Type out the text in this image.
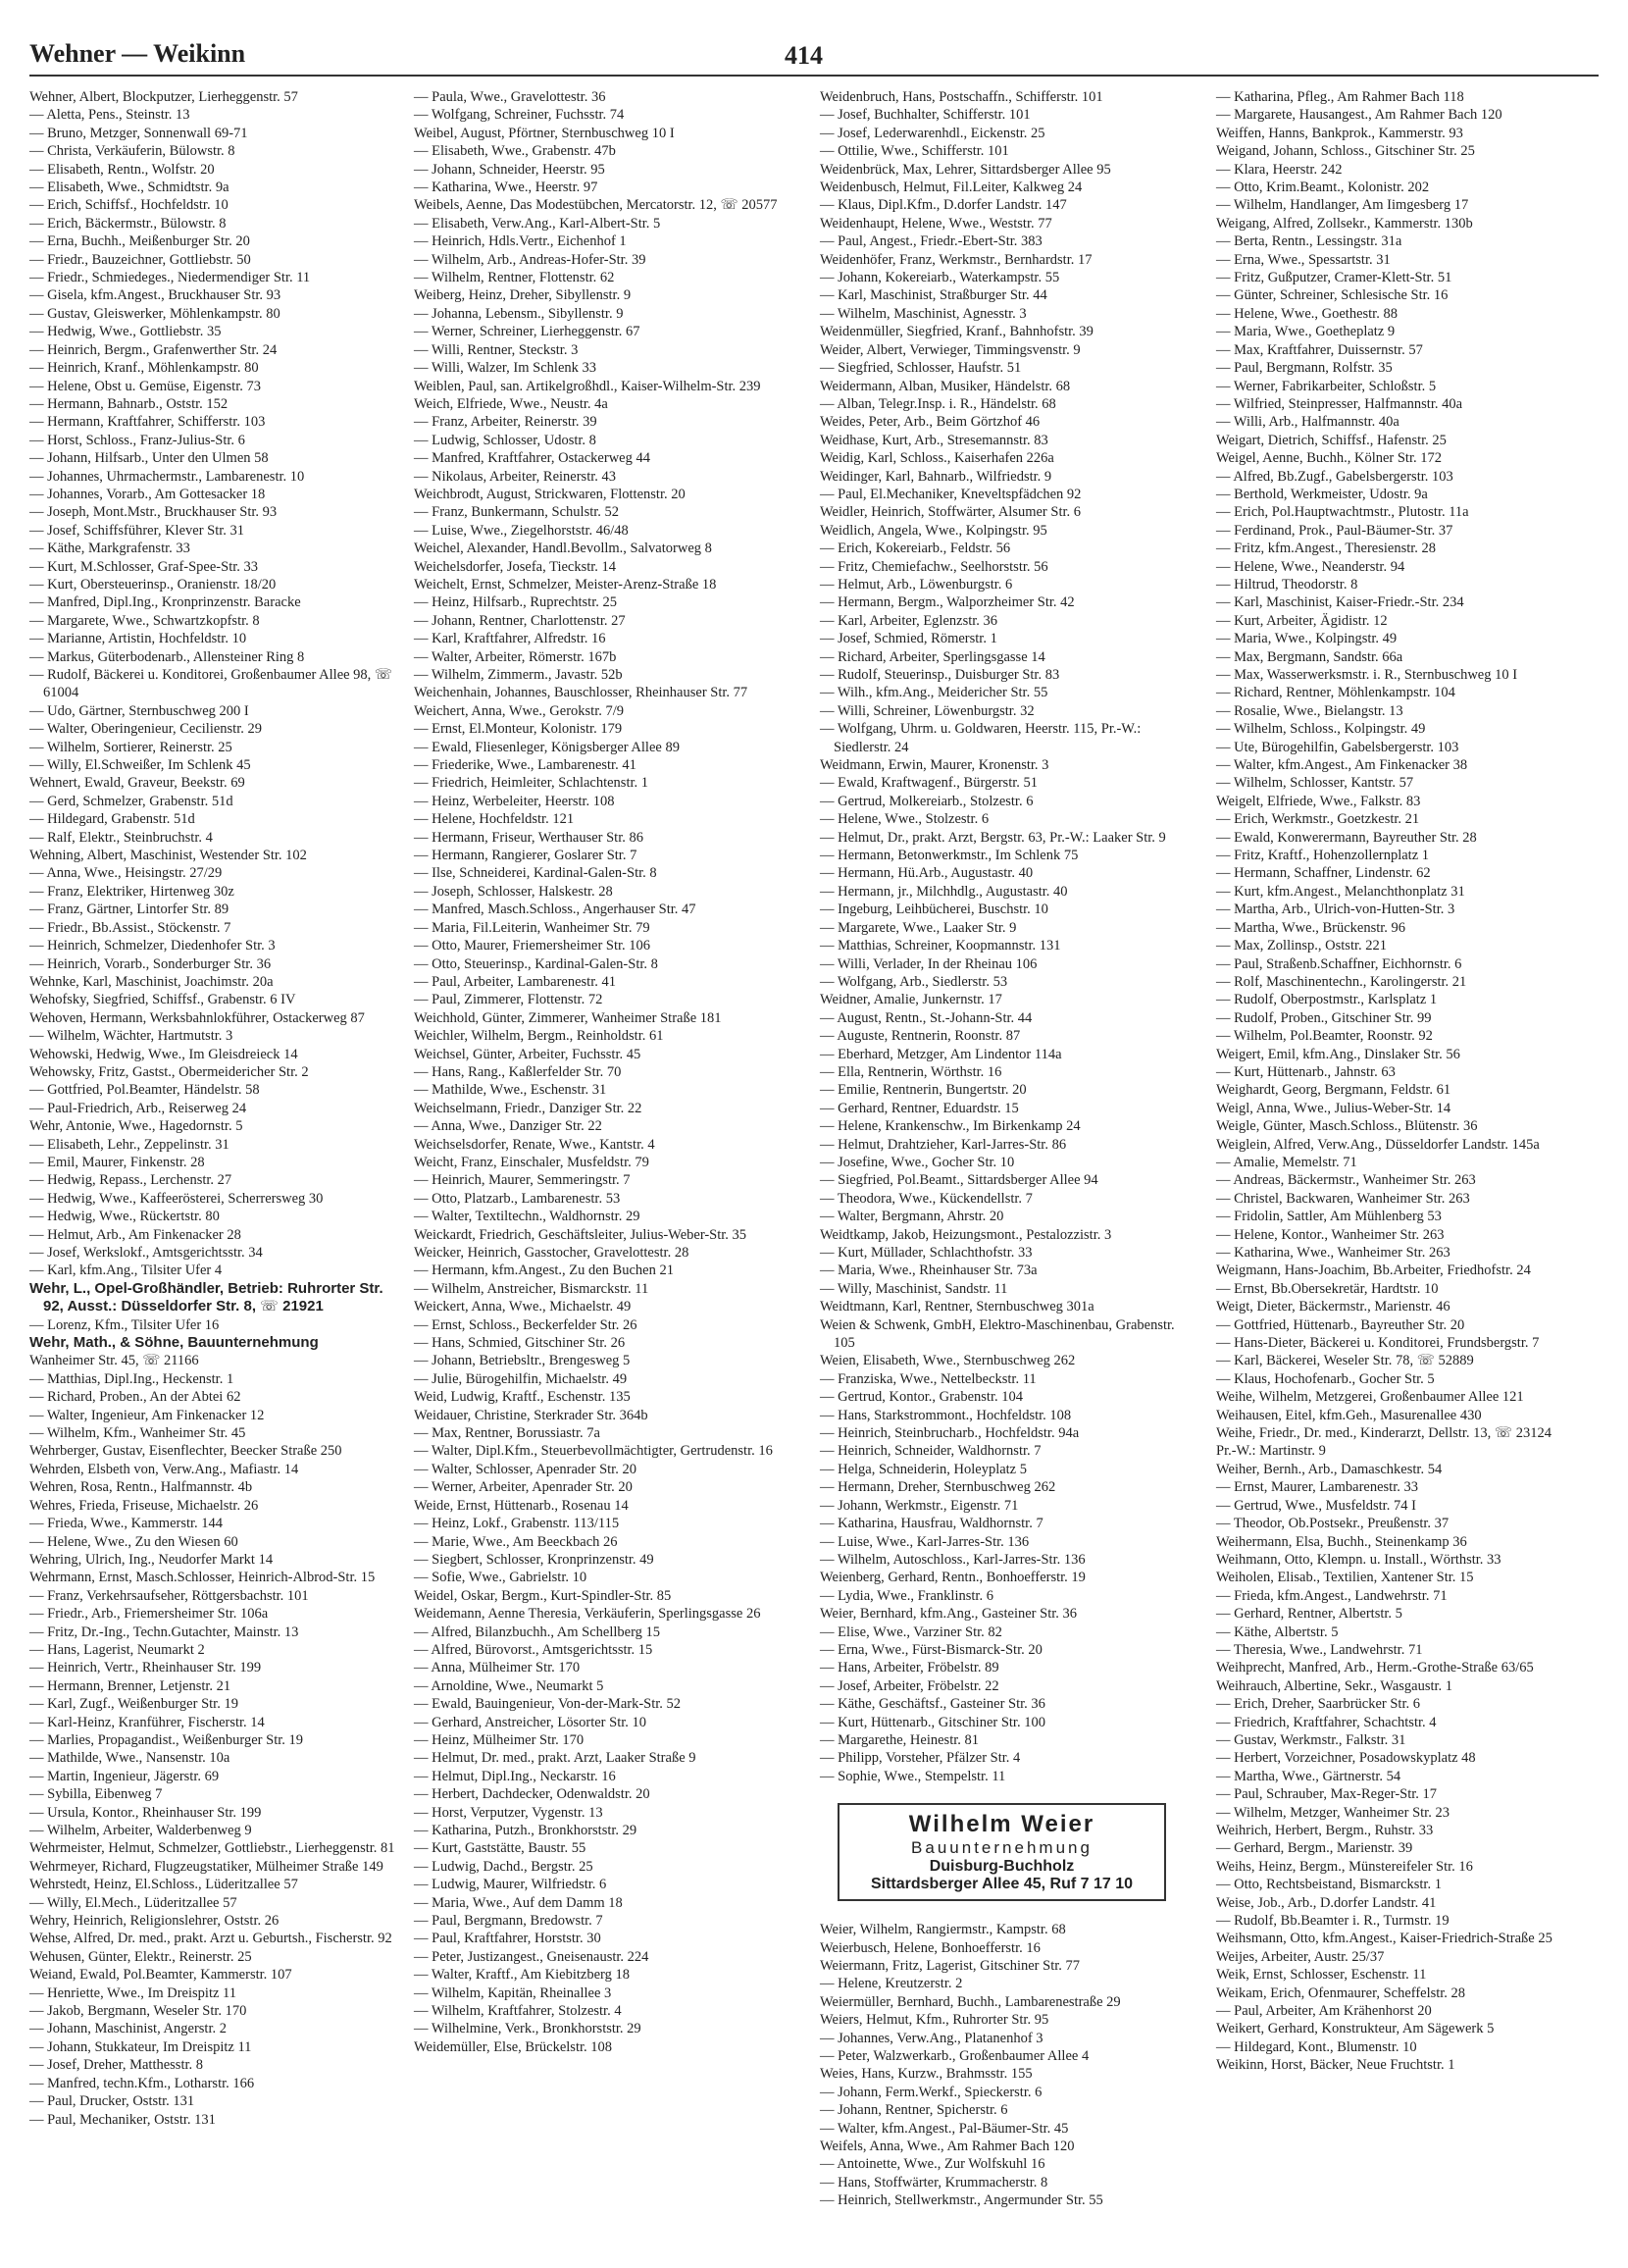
Wehner — Weikinn	414
Wehner, Albert, Blockputzer, Lierheggenstr. 57
— Aletta, Pens., Steinstr. 13
— Bruno, Metzger, Sonnenwall 69-71
— Christa, Verkäuferin, Bülowstr. 8
— Elisabeth, Rentn., Wolfstr. 20
— Elisabeth, Wwe., Schmidtstr. 9a
— Erich, Schiffsf., Hochfeldstr. 10
— Erich, Bäckermstr., Bülowstr. 8
— Erna, Buchh., Meißenburger Str. 20
— Friedr., Bauzeichner, Gottliebstr. 50
— Friedr., Schmiedeges., Niedermendiger Str. 11
— Gisela, kfm.Angest., Bruckhauser Str. 93
— Gustav, Gleiswerker, Möhlenkampstr. 80
— Hedwig, Wwe., Gottliebstr. 35
— Heinrich, Bergm., Grafenwerther Str. 24
— Heinrich, Kranf., Möhlenkampstr. 80
— Helene, Obst u. Gemüse, Eigenstr. 73
— Hermann, Bahnarb., Oststr. 152
— Hermann, Kraftfahrer, Schifferstr. 103
— Horst, Schloss., Franz-Julius-Str. 6
— Johann, Hilfsarb., Unter den Ulmen 58
— Johannes, Uhrmachermstr., Lambarenestr. 10
— Johannes, Vorarb., Am Gottesacker 18
— Joseph, Mont.Mstr., Bruckhauser Str. 93
— Josef, Schiffsführer, Klever Str. 31
— Käthe, Markgrafenstr. 33
— Kurt, M.Schlosser, Graf-Spee-Str. 33
— Kurt, Obersteuerinsp., Oranienstr. 18/20
— Manfred, Dipl.Ing., Kronprinzenstr. Baracke
— Margarete, Wwe., Schwartzkopfstr. 8
— Marianne, Artistin, Hochfeldstr. 10
— Markus, Güterbodenarb., Allensteiner Ring 8
— Rudolf, Bäckerei u. Konditorei, Großenbaumer Allee 98, ☏ 61004
— Udo, Gärtner, Sternbuschweg 200 I
— Walter, Oberingenieur, Cecilienstr. 29
— Wilhelm, Sortierer, Reinerstr. 25
— Willy, El.Schweißer, Im Schlenk 45
Wehnert, Ewald, Graveur, Beekstr. 69
— Gerd, Schmelzer, Grabenstr. 51d
— Hildegard, Grabenstr. 51d
— Ralf, Elektr., Steinbruchstr. 4
Wehning, Albert, Maschinist, Westender Str. 102
— Anna, Wwe., Heisingstr. 27/29
— Franz, Elektriker, Hirtenweg 30z
— Franz, Gärtner, Lintorfer Str. 89
— Friedr., Bb.Assist., Stöckenstr. 7
— Heinrich, Schmelzer, Diedenhofer Str. 3
— Heinrich, Vorarb., Sonderburger Str. 36
Wehnke, Karl, Maschinist, Joachimstr. 20a
Wehofsky, Siegfried, Schiffsf., Grabenstr. 6 IV
Wehoven, Hermann, Werksbahnlokführer, Ostackerweg 87
— Wilhelm, Wächter, Hartmutstr. 3
Wehowski, Hedwig, Wwe., Im Gleisdreieck 14
Wehowsky, Fritz, Gastst., Obermeidericher Str. 2
— Gottfried, Pol.Beamter, Händelstr. 58
— Paul-Friedrich, Arb., Reiserweg 24
Wehr, Antonie, Wwe., Hagedornstr. 5
— Elisabeth, Lehr., Zeppelinstr. 31
— Emil, Maurer, Finkenstr. 28
— Hedwig, Repass., Lerchenstr. 27
— Hedwig, Wwe., Kaffeerösterei, Scherrersweg 30
— Hedwig, Wwe., Rückertstr. 80
— Helmut, Arb., Am Finkenacker 28
— Josef, Werkslokf., Amtsgerichtsstr. 34
— Karl, kfm.Ang., Tilsiter Ufer 4
Wehr, L., Opel-Großhändler, Betrieb: Ruhrorter Str. 92, Ausst.: Düsseldorfer Str. 8, ☏ 21921
— Lorenz, Kfm., Tilsiter Ufer 16
Wehr, Math., & Söhne, Bauunternehmung
Wanheimer Str. 45, ☏ 21166
— Matthias, Dipl.Ing., Heckenstr. 1
— Richard, Proben., An der Abtei 62
— Walter, Ingenieur, Am Finkenacker 12
— Wilhelm, Kfm., Wanheimer Str. 45
Wehrberger, Gustav, Eisenflechter, Beecker Straße 250
Wehrden, Elsbeth von, Verw.Ang., Mafiastr. 14
Wehren, Rosa, Rentn., Halfmannstr. 4b
Wehres, Frieda, Friseuse, Michaelstr. 26
— Frieda, Wwe., Kammerstr. 144
— Helene, Wwe., Zu den Wiesen 60
Wehring, Ulrich, Ing., Neudorfer Markt 14
Wehrmann, Ernst, Masch.Schlosser, Heinrich-Albrod-Str. 15
— Franz, Verkehrsaufseher, Röttgersbachstr. 101
— Friedr., Arb., Friemersheimer Str. 106a
— Fritz, Dr.-Ing., Techn.Gutachter, Mainstr. 13
— Hans, Lagerist, Neumarkt 2
— Heinrich, Vertr., Rheinhauser Str. 199
— Hermann, Brenner, Letjenstr. 21
— Karl, Zugf., Weißenburger Str. 19
— Karl-Heinz, Kranführer, Fischerstr. 14
— Marlies, Propagandist., Weißenburger Str. 19
— Mathilde, Wwe., Nansenstr. 10a
— Martin, Ingenieur, Jägerstr. 69
— Sybilla, Eibenweg 7
— Ursula, Kontor., Rheinhauser Str. 199
— Wilhelm, Arbeiter, Walderbenweg 9
Wehrmeister, Helmut, Schmelzer, Gottliebstr., Lierheggenstr. 81
Wehrmeyer, Richard, Flugzeugstatiker, Mülheimer Straße 149
Wehrstedt, Heinz, El.Schloss., Lüderitzallee 57
— Willy, El.Mech., Lüderitzallee 57
Wehry, Heinrich, Religionslehrer, Oststr. 26
Wehse, Alfred, Dr. med., prakt. Arzt u. Geburtsh., Fischerstr. 92
Wehusen, Günter, Elektr., Reinerstr. 25
Weiand, Ewald, Pol.Beamter, Kammerstr. 107
— Henriette, Wwe., Im Dreispitz 11
— Jakob, Bergmann, Weseler Str. 170
— Johann, Maschinist, Angerstr. 2
— Johann, Stukkateur, Im Dreispitz 11
— Josef, Dreher, Matthesstr. 8
— Manfred, techn.Kfm., Lotharstr. 166
— Paul, Drucker, Oststr. 131
— Paul, Mechaniker, Oststr. 131
— Paula, Wwe., Gravelottestr. 36
— Wolfgang, Schreiner, Fuchsstr. 74
Weibel, August, Pförtner, Sternbuschweg 10 I
— Elisabeth, Wwe., Grabenstr. 47b
— Johann, Schneider, Heerstr. 95
— Katharina, Wwe., Heerstr. 97
Weibels, Aenne, Das Modestübchen, Mercatorstr. 12, ☏ 20577
— Elisabeth, Verw.Ang., Karl-Albert-Str. 5
— Heinrich, Hdls.Vertr., Eichenhof 1
— Wilhelm, Arb., Andreas-Hofer-Str. 39
— Wilhelm, Rentner, Flottenstr. 62
Weiberg, Heinz, Dreher, Sibyllenstr. 9
— Johanna, Lebensm., Sibyllenstr. 9
— Werner, Schreiner, Lierheggenstr. 67
— Willi, Rentner, Steckstr. 3
— Willi, Walzer, Im Schlenk 33
Weiblen, Paul, san. Artikelgroßhdl., Kaiser-Wilhelm-Str. 239
Weich, Elfriede, Wwe., Neustr. 4a
— Franz, Arbeiter, Reinerstr. 39
— Ludwig, Schlosser, Udostr. 8
— Manfred, Kraftfahrer, Ostackerweg 44
— Nikolaus, Arbeiter, Reinerstr. 43
Weichbrodt, August, Strickwaren, Flottenstr. 20
— Franz, Bunkermann, Schulstr. 52
— Luise, Wwe., Ziegelhorststr. 46/48
Weichel, Alexander, Handl.Bevollm., Salvatorweg 8
Weichelsdorfer, Josefa, Tieckstr. 14
Weichelt, Ernst, Schmelzer, Meister-Arenz-Straße 18
— Heinz, Hilfsarb., Ruprechtstr. 25
— Johann, Rentner, Charlottenstr. 27
— Karl, Kraftfahrer, Alfredstr. 16
— Walter, Arbeiter, Römerstr. 167b
— Wilhelm, Zimmerm., Javastr. 52b
Weichenhain, Johannes, Bauschlosser, Rheinhauser Str. 77
Weichert, Anna, Wwe., Gerokstr. 7/9
— Ernst, El.Monteur, Kolonistr. 179
— Ewald, Fliesenleger, Königsberger Allee 89
— Friederike, Wwe., Lambarenestr. 41
— Friedrich, Heimleiter, Schlachtenstr. 1
— Heinz, Werbeleiter, Heerstr. 108
— Helene, Hochfeldstr. 121
— Hermann, Friseur, Werthauser Str. 86
— Hermann, Rangierer, Goslarer Str. 7
— Ilse, Schneiderei, Kardinal-Galen-Str. 8
— Joseph, Schlosser, Halskestr. 28
— Manfred, Masch.Schloss., Angerhauser Str. 47
— Maria, Fil.Leiterin, Wanheimer Str. 79
— Otto, Maurer, Friemersheimer Str. 106
— Otto, Steuerinsp., Kardinal-Galen-Str. 8
— Paul, Arbeiter, Lambarenestr. 41
— Paul, Zimmerer, Flottenstr. 72
Weichhold, Günter, Zimmerer, Wanheimer Straße 181
Weichler, Wilhelm, Bergm., Reinholdstr. 61
Weichsel, Günter, Arbeiter, Fuchsstr. 45
— Hans, Rang., Kaßlerfelder Str. 70
— Mathilde, Wwe., Eschenstr. 31
Weichselmann, Friedr., Danziger Str. 22
— Anna, Wwe., Danziger Str. 22
Weichselsdorfer, Renate, Wwe., Kantstr. 4
Weicht, Franz, Einschaler, Musfeldstr. 79
— Heinrich, Maurer, Semmeringstr. 7
— Otto, Platzarb., Lambarenestr. 53
— Walter, Textiltechn., Waldhornstr. 29
Weickardt, Friedrich, Geschäftsleiter, Julius-Weber-Str. 35
Weicker, Heinrich, Gasstocher, Gravelottestr. 28
— Hermann, kfm.Angest., Zu den Buchen 21
— Wilhelm, Anstreicher, Bismarckstr. 11
Weickert, Anna, Wwe., Michaelstr. 49
— Ernst, Schloss., Beckerfelder Str. 26
— Hans, Schmied, Gitschiner Str. 26
— Johann, Betriebsltr., Brengesweg 5
— Julie, Bürogehilfin, Michaelstr. 49
Weid, Ludwig, Kraftf., Eschenstr. 135
Weidauer, Christine, Sterkrader Str. 364b
— Max, Rentner, Borussiastr. 7a
— Walter, Dipl.Kfm., Steuerbevollmächtigter, Gertrudenstr. 16
— Walter, Schlosser, Apenrader Str. 20
— Werner, Arbeiter, Apenrader Str. 20
Weide, Ernst, Hüttenarb., Rosenau 14
— Heinz, Lokf., Grabenstr. 113/115
— Marie, Wwe., Am Beeckbach 26
— Siegbert, Schlosser, Kronprinzenstr. 49
— Sofie, Wwe., Gabrielstr. 10
Weidel, Oskar, Bergm., Kurt-Spindler-Str. 85
Weidemann, Aenne Theresia, Verkäuferin, Sperlingsgasse 26
— Alfred, Bilanzbuchh., Am Schellberg 15
— Alfred, Bürovorst., Amtsgerichtsstr. 15
— Anna, Mülheimer Str. 170
— Arnoldine, Wwe., Neumarkt 5
— Ewald, Bauingenieur, Von-der-Mark-Str. 52
— Gerhard, Anstreicher, Lösorter Str. 10
— Heinz, Mülheimer Str. 170
— Helmut, Dr. med., prakt. Arzt, Laaker Straße 9
— Helmut, Dipl.Ing., Neckarstr. 16
— Herbert, Dachdecker, Odenwaldstr. 20
— Horst, Verputzer, Vygenstr. 13
— Katharina, Putzh., Bronkhorststr. 29
— Kurt, Gaststätte, Baustr. 55
— Ludwig, Dachd., Bergstr. 25
— Ludwig, Maurer, Wilfriedstr. 6
— Maria, Wwe., Auf dem Damm 18
— Paul, Bergmann, Bredowstr. 7
— Paul, Kraftfahrer, Horststr. 30
— Peter, Justizangest., Gneisenaustr. 224
— Walter, Kraftf., Am Kiebitzberg 18
— Wilhelm, Kapitän, Rheinallee 3
— Wilhelm, Kraftfahrer, Stolzestr. 4
— Wilhelmine, Verk., Bronkhorststr. 29
Weidemüller, Else, Brückelstr. 108
Weidenbruch, Hans, Postschaffn., Schifferstr. 101
— Josef, Buchhalter, Schifferstr. 101
— Josef, Lederwarenhdl., Eickenstr. 25
— Ottilie, Wwe., Schifferstr. 101
Weidenbrück, Max, Lehrer, Sittardsberger Allee 95
Weidenbusch, Helmut, Fil.Leiter, Kalkweg 24
— Klaus, Dipl.Kfm., D.dorfer Landstr. 147
Weidenhaupt, Helene, Wwe., Weststr. 77
— Paul, Angest., Friedr.-Ebert-Str. 383
Weidenhöfer, Franz, Werkmstr., Bernhardstr. 17
— Johann, Kokereiarb., Waterkampstr. 55
— Karl, Maschinist, Straßburger Str. 44
— Wilhelm, Maschinist, Agnesstr. 3
Weidenmüller, Siegfried, Kranf., Bahnhofstr. 39
Weider, Albert, Verwieger, Timmingsvenstr. 9
— Siegfried, Schlosser, Haufstr. 51
Weidermann, Alban, Musiker, Händelstr. 68
— Alban, Telegr.Insp. i. R., Händelstr. 68
Weides, Peter, Arb., Beim Görtzhof 46
Weidhase, Kurt, Arb., Stresemannstr. 83
Weidig, Karl, Schloss., Kaiserhafen 226a
Weidinger, Karl, Bahnarb., Wilfriedstr. 9
— Paul, El.Mechaniker, Kneveltspfädchen 92
Weidler, Heinrich, Stoffwärter, Alsumer Str. 6
Weidlich, Angela, Wwe., Kolpingstr. 95
— Erich, Kokereiarb., Feldstr. 56
— Fritz, Chemiefachw., Seelhorststr. 56
— Helmut, Arb., Löwenburgstr. 6
— Hermann, Bergm., Walporzheimer Str. 42
— Karl, Arbeiter, Eglenzstr. 36
— Josef, Schmied, Römerstr. 1
— Richard, Arbeiter, Sperlingsgasse 14
— Rudolf, Steuerinsp., Duisburger Str. 83
— Wilh., kfm.Ang., Meidericher Str. 55
— Willi, Schreiner, Löwenburgstr. 32
— Wolfgang, Uhrm. u. Goldwaren, Heerstr. 115, Pr.-W.: Siedlerstr. 24
Weidmann, Erwin, Maurer, Kronenstr. 3
— Ewald, Kraftwagenf., Bürgerstr. 51
— Gertrud, Molkereiarb., Stolzestr. 6
— Helene, Wwe., Stolzestr. 6
— Helmut, Dr., prakt. Arzt, Bergstr. 63, Pr.-W.: Laaker Str. 9
— Hermann, Betonwerkmstr., Im Schlenk 75
— Hermann, Hü.Arb., Augustastr. 40
— Hermann, jr., Milchhdlg., Augustastr. 40
— Ingeburg, Leihbücherei, Buschstr. 10
— Margarete, Wwe., Laaker Str. 9
— Matthias, Schreiner, Koopmannstr. 131
— Willi, Verlader, In der Rheinau 106
— Wolfgang, Arb., Siedlerstr. 53
Weidner, Amalie, Junkernstr. 17
— August, Rentn., St.-Johann-Str. 44
— Auguste, Rentnerin, Roonstr. 87
— Eberhard, Metzger, Am Lindentor 114a
— Ella, Rentnerin, Wörthstr. 16
— Emilie, Rentnerin, Bungertstr. 20
— Gerhard, Rentner, Eduardstr. 15
— Helene, Krankenschw., Im Birkenkamp 24
— Helmut, Drahtzieher, Karl-Jarres-Str. 86
— Josefine, Wwe., Gocher Str. 10
— Siegfried, Pol.Beamt., Sittardsberger Allee 94
— Theodora, Wwe., Kückendellstr. 7
— Walter, Bergmann, Ahrstr. 20
Weidtkamp, Jakob, Heizungsmont., Pestalozzistr. 3
— Kurt, Müllader, Schlachthofstr. 33
— Maria, Wwe., Rheinhauser Str. 73a
— Willy, Maschinist, Sandstr. 11
Weidtmann, Karl, Rentner, Sternbuschweg 301a
Weien & Schwenk, GmbH, Elektro-Maschinenbau, Grabenstr. 105
Weien, Elisabeth, Wwe., Sternbuschweg 262
— Franziska, Wwe., Nettelbeckstr. 11
— Gertrud, Kontor., Grabenstr. 104
— Hans, Starkstrommont., Hochfeldstr. 108
— Heinrich, Steinbrucharb., Hochfeldstr. 94a
— Heinrich, Schneider, Waldhornstr. 7
— Helga, Schneiderin, Holeyplatz 5
— Hermann, Dreher, Sternbuschweg 262
— Johann, Werkmstr., Eigenstr. 71
— Katharina, Hausfrau, Waldhornstr. 7
— Luise, Wwe., Karl-Jarres-Str. 136
— Wilhelm, Autoschloss., Karl-Jarres-Str. 136
Weienberg, Gerhard, Rentn., Bonhoefferstr. 19
— Lydia, Wwe., Franklinstr. 6
Weier, Bernhard, kfm.Ang., Gasteiner Str. 36
— Elise, Wwe., Varziner Str. 82
— Erna, Wwe., Fürst-Bismarck-Str. 20
— Hans, Arbeiter, Fröbelstr. 89
— Josef, Arbeiter, Fröbelstr. 22
— Käthe, Geschäftsf., Gasteiner Str. 36
— Kurt, Hüttenarb., Gitschiner Str. 100
— Margarethe, Heinestr. 81
— Philipp, Vorsteher, Pfälzer Str. 4
— Sophie, Wwe., Stempelstr. 11
Wilhelm Weier
Bauunternehmung
Duisburg-Buchholz
Sittardsberger Allee 45, Ruf 7 17 10
Weier, Wilhelm, Rangiermstr., Kampstr. 68
Weierbusch, Helene, Bonhoefferstr. 16
Weiermann, Fritz, Lagerist, Gitschiner Str. 77
— Helene, Kreutzerstr. 2
Weiermüller, Bernhard, Buchh., Lambarenestraße 29
Weiers, Helmut, Kfm., Ruhrorter Str. 95
— Johannes, Verw.Ang., Platanenhof 3
— Peter, Walzwerkarb., Großenbaumer Allee 4
Weies, Hans, Kurzw., Brahmsstr. 155
— Johann, Ferm.Werkf., Spieckerstr. 6
— Johann, Rentner, Spicherstr. 6
— Walter, kfm.Angest., Pal-Bäumer-Str. 45
Weifels, Anna, Wwe., Am Rahmer Bach 120
— Antoinette, Wwe., Zur Wolfskuhl 16
— Hans, Stoffwärter, Krummacherstr. 8
— Heinrich, Stellwerkmstr., Angermunder Str. 55
— Katharina, Pfleg., Am Rahmer Bach 118
— Margarete, Hausangest., Am Rahmer Bach 120
Weiffen, Hanns, Bankprok., Kammerstr. 93
Weigand, Johann, Schloss., Gitschiner Str. 25
— Klara, Heerstr. 242
— Otto, Krim.Beamt., Kolonistr. 202
— Wilhelm, Handlanger, Am Iimgesberg 17
Weigang, Alfred, Zollsekr., Kammerstr. 130b
— Berta, Rentn., Lessingstr. 31a
— Erna, Wwe., Spessartstr. 31
— Fritz, Gußputzer, Cramer-Klett-Str. 51
— Günter, Schreiner, Schlesische Str. 16
— Helene, Wwe., Goethestr. 88
— Maria, Wwe., Goetheplatz 9
— Max, Kraftfahrer, Duissernstr. 57
— Paul, Bergmann, Rolfstr. 35
— Werner, Fabrikarbeiter, Schloßstr. 5
— Wilfried, Steinpresser, Halfmannstr. 40a
— Willi, Arb., Halfmannstr. 40a
Weigart, Dietrich, Schiffsf., Hafenstr. 25
Weigel, Aenne, Buchh., Kölner Str. 172
— Alfred, Bb.Zugf., Gabelsbergerstr. 103
— Berthold, Werkmeister, Udostr. 9a
— Erich, Pol.Hauptwachtmstr., Plutostr. 11a
— Ferdinand, Prok., Paul-Bäumer-Str. 37
— Fritz, kfm.Angest., Theresienstr. 28
— Helene, Wwe., Neanderstr. 94
— Hiltrud, Theodorstr. 8
— Karl, Maschinist, Kaiser-Friedr.-Str. 234
— Kurt, Arbeiter, Ägidistr. 12
— Maria, Wwe., Kolpingstr. 49
— Max, Bergmann, Sandstr. 66a
— Max, Wasserwerksmstr. i. R., Sternbuschweg 10 I
— Richard, Rentner, Möhlenkampstr. 104
— Rosalie, Wwe., Bielangstr. 13
— Wilhelm, Schloss., Kolpingstr. 49
— Ute, Bürogehilfin, Gabelsbergerstr. 103
— Walter, kfm.Angest., Am Finkenacker 38
— Wilhelm, Schlosser, Kantstr. 57
Weigelt, Elfriede, Wwe., Falkstr. 83
— Erich, Werkmstr., Goetzkestr. 21
— Ewald, Konwerermann, Bayreuther Str. 28
— Fritz, Kraftf., Hohenzollernplatz 1
— Hermann, Schaffner, Lindenstr. 62
— Kurt, kfm.Angest., Melanchthonplatz 31
— Martha, Arb., Ulrich-von-Hutten-Str. 3
— Martha, Wwe., Brückenstr. 96
— Max, Zollinsp., Oststr. 221
— Paul, Straßenb.Schaffner, Eichhornstr. 6
— Rolf, Maschinentechn., Karolingerstr. 21
— Rudolf, Oberpostmstr., Karlsplatz 1
— Rudolf, Proben., Gitschiner Str. 99
— Wilhelm, Pol.Beamter, Roonstr. 92
Weigert, Emil, kfm.Ang., Dinslaker Str. 56
— Kurt, Hüttenarb., Jahnstr. 63
Weighardt, Georg, Bergmann, Feldstr. 61
Weigl, Anna, Wwe., Julius-Weber-Str. 14
Weigle, Günter, Masch.Schloss., Blütenstr. 36
Weiglein, Alfred, Verw.Ang., Düsseldorfer Landstr. 145a
— Amalie, Memelstr. 71
— Andreas, Bäckermstr., Wanheimer Str. 263
— Christel, Backwaren, Wanheimer Str. 263
— Fridolin, Sattler, Am Mühlenberg 53
— Helene, Kontor., Wanheimer Str. 263
— Katharina, Wwe., Wanheimer Str. 263
Weigmann, Hans-Joachim, Bb.Arbeiter, Friedhofstr. 24
— Ernst, Bb.Obersekretär, Hardtstr. 10
Weigt, Dieter, Bäckermstr., Marienstr. 46
— Gottfried, Hüttenarb., Bayreuther Str. 20
— Hans-Dieter, Bäckerei u. Konditorei, Frundsbergstr. 7
— Karl, Bäckerei, Weseler Str. 78, ☏ 52889
— Klaus, Hochofenarb., Gocher Str. 5
Weihe, Wilhelm, Metzgerei, Großenbaumer Allee 121
Weihausen, Eitel, kfm.Geh., Masurenallee 430
Weihe, Friedr., Dr. med., Kinderarzt, Dellstr. 13, ☏ 23124
Pr.-W.: Martinstr. 9
Weiher, Bernh., Arb., Damaschkestr. 54
— Ernst, Maurer, Lambarenestr. 33
— Gertrud, Wwe., Musfeldstr. 74 I
— Theodor, Ob.Postsekr., Preußenstr. 37
Weihermann, Elsa, Buchh., Steinenkamp 36
Weihmann, Otto, Klempn. u. Install., Wörthstr. 33
Weiholen, Elisab., Textilien, Xantener Str. 15
— Frieda, kfm.Angest., Landwehrstr. 71
— Gerhard, Rentner, Albertstr. 5
— Käthe, Albertstr. 5
— Theresia, Wwe., Landwehrstr. 71
Weihprecht, Manfred, Arb., Herm.-Grothe-Straße 63/65
Weihrauch, Albertine, Sekr., Wasgaustr. 1
— Erich, Dreher, Saarbrücker Str. 6
— Friedrich, Kraftfahrer, Schachtstr. 4
— Gustav, Werkmstr., Falkstr. 31
— Herbert, Vorzeichner, Posadowskyplatz 48
— Martha, Wwe., Gärtnerstr. 54
— Paul, Schrauber, Max-Reger-Str. 17
— Wilhelm, Metzger, Wanheimer Str. 23
Weihrich, Herbert, Bergm., Ruhstr. 33
— Gerhard, Bergm., Marienstr. 39
Weihs, Heinz, Bergm., Münstereifeler Str. 16
— Otto, Rechtsbeistand, Bismarckstr. 1
Weise, Job., Arb., D.dorfer Landstr. 41
— Rudolf, Bb.Beamter i. R., Turmstr. 19
Weihsmann, Otto, kfm.Angest., Kaiser-Friedrich-Straße 25
Weijes, Arbeiter, Austr. 25/37
Weik, Ernst, Schlosser, Eschenstr. 11
Weikam, Erich, Ofenmaurer, Scheffelstr. 28
— Paul, Arbeiter, Am Krähenhorst 20
Weikert, Gerhard, Konstrukteur, Am Sägewerk 5
— Hildegard, Kont., Blumenstr. 10
Weikinn, Horst, Bäcker, Neue Fruchtstr. 1
